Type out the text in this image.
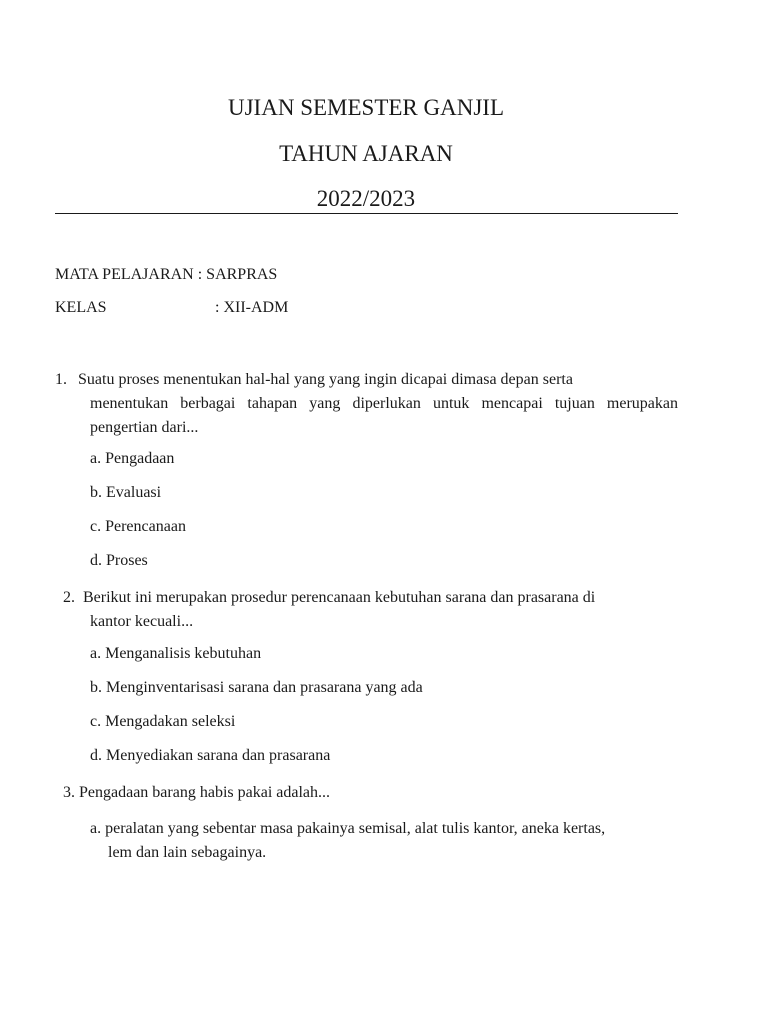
UJIAN SEMESTER GANJIL
TAHUN AJARAN
2022/2023
MATA PELAJARAN : SARPRAS
KELAS	: XII-ADM
1. Suatu proses menentukan hal-hal yang yang ingin dicapai dimasa depan serta
menentukan berbagai tahapan yang diperlukan untuk mencapai tujuan merupakan pengertian dari...
a. Pengadaan
b. Evaluasi
c. Perencanaan
d. Proses
2. Berikut ini merupakan prosedur perencanaan kebutuhan sarana dan prasarana di
kantor kecuali...
a. Menganalisis kebutuhan
b. Menginventarisasi sarana dan prasarana yang ada
c. Mengadakan seleksi
d. Menyediakan sarana dan prasarana
3. Pengadaan barang habis pakai adalah...
a. peralatan yang sebentar masa pakainya semisal, alat tulis kantor, aneka kertas,
lem dan lain sebagainya.
